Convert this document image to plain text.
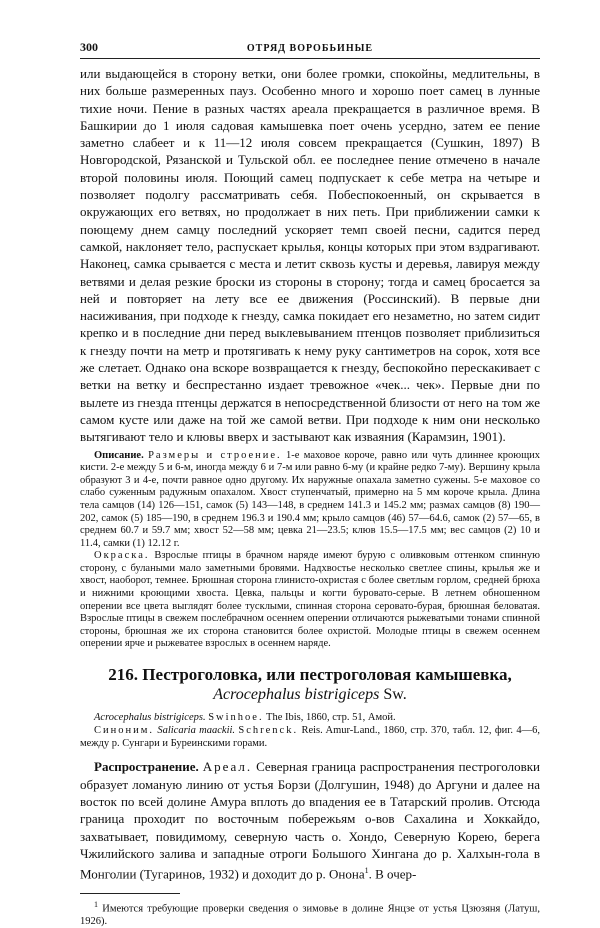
300	ОТРЯД ВОРОБЬИНЫЕ

или выдающейся в сторону ветки, они более громки, спокойны, медлительны, в них больше размеренных пауз. Особенно много и хорошо поет самец в лунные тихие ночи. Пение в разных частях ареала прекращается в различное время. В Башкирии до 1 июля садовая камышевка поет очень усердно, затем ее пение заметно слабеет и к 11—12 июля совсем прекращается (Сушкин, 1897) В Новгородской, Рязанской и Тульской обл. ее последнее пение отмечено в начале второй половины июля. Поющий самец подпускает к себе метра на четыре и позволяет подолгу рассматривать себя. Побеспокоенный, он скрывается в окружающих его ветвях, но продолжает в них петь. При приближении самки к поющему днем самцу последний ускоряет темп своей песни, садится перед самкой, наклоняет тело, распускает крылья, концы которых при этом вздрагивают. Наконец, самка срывается с места и летит сквозь кусты и деревья, лавируя между ветвями и делая резкие броски из стороны в сторону; тогда и самец бросается за ней и повторяет на лету все ее движения (Россинский). В первые дни насиживания, при подходе к гнезду, самка покидает его незаметно, но затем сидит крепко и в последние дни перед выклевыванием птенцов позволяет приблизиться к гнезду почти на метр и протягивать к нему руку сантиметров на сорок, хотя все же слетает. Однако она вскоре возвращается к гнезду, беспокойно перескакивает с ветки на ветку и беспрестанно издает тревожное «чек... чек». Первые дни по вылете из гнезда птенцы держатся в непосредственной близости от него на том же самом кусте или даже на той же самой ветви. При подходе к ним они несколько вытягивают тело и клювы вверх и застывают как изваяния (Карамзин, 1901).

Описание. Размеры и строение. 1-е маховое короче, равно или чуть длиннее кроющих кисти. 2-е между 5 и 6-м, иногда между 6 и 7-м или равно 6-му (и крайне редко 7-му). Вершину крыла образуют 3 и 4-е, почти равное одно другому. Их наружные опахала заметно сужены. 5-е маховое со слабо суженным радужным опахалом. Хвост ступенчатый, примерно на 5 мм короче крыла. Длина тела самцов (14) 126—151, самок (5) 143—148, в среднем 141.3 и 145.2 мм; размах самцов (8) 190—202, самок (5) 185—190, в среднем 196.3 и 190.4 мм; крыло самцов (46) 57—64.6, самок (2) 57—65, в среднем 60.7 и 59.7 мм; хвост 52—58 мм; цевка 21—23.5; клюв 15.5—17.5 мм; вес самцов (2) 10 и 11.4, самки (1) 12.12 г.

Окраска. Взрослые птицы в брачном наряде имеют бурую с оливковым оттенком спинную сторону, с булаными мало заметными бровями. Надхвостье несколько светлее спины, крылья же и хвост, наоборот, темнее. Брюшная сторона глинисто-охристая с более светлым горлом, средней брюха и нижними кроющими хвоста. Цевка, пальцы и когти буровато-серые. В летнем обношенном оперении все цвета выглядят более тусклыми, спинная сторона серовато-бурая, брюшная беловатая. Взрослые птицы в свежем послебрачном осеннем оперении отличаются рыжеватыми тонами спинной стороны, брюшная же их сторона становится более охристой. Молодые птицы в свежем осеннем оперении ярче и рыжеватее взрослых в осеннем наряде.

216. Пестроголовка, или пестроголовая камышевка,
Acrocephalus bistrigiceps Sw.

Acrocephalus bistrigiceps. Swinhoe. The Ibis, 1860, стр. 51, Амой.

Синоним. Salicaria maackii. Schrenck. Reis. Amur-Land., 1860, стр. 370, табл. 12, фиг. 4—6, между р. Сунгари и Буреинскими горами.

Распространение. Ареал. Северная граница распространения пестроголовки образует ломаную линию от устья Борзи (Долгушин, 1948) до Аргуни и далее на восток по всей долине Амура вплоть до впадения ее в Татарский пролив. Отсюда граница проходит по восточным побережьям о-вов Сахалина и Хоккайдо, захватывает, повидимому, северную часть о. Хондо, Северную Корею, берега Чжилийского залива и западные отроги Большого Хингана до р. Халхын-гола в Монголии (Тугаринов, 1932) и доходит до р. Онона$^1$. В очер-

$^1$ Имеются требующие проверки сведения о зимовье в долине Янцзе от устья Цзюзяня (Латуш, 1926).
